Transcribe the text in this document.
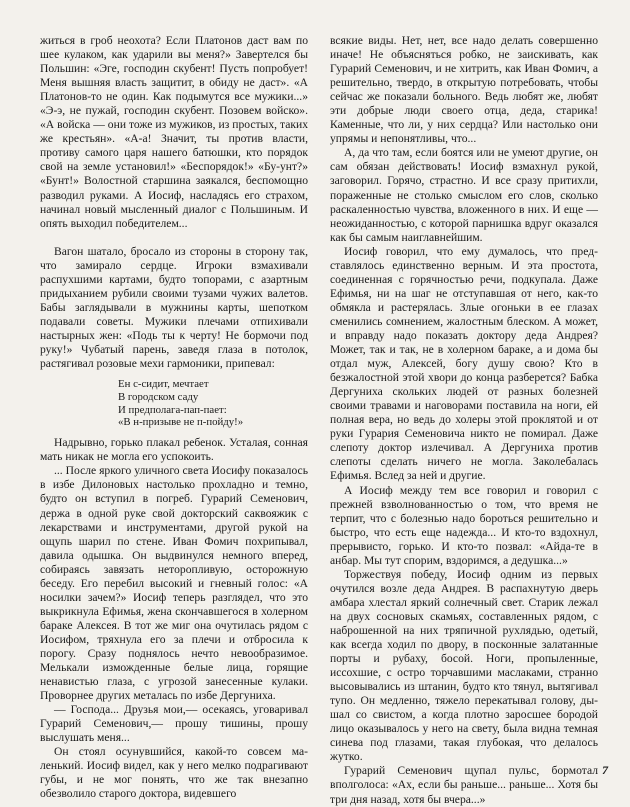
житься в гроб неохота? Если Платонов даст вам по шее кулаком, как ударили вы меня?» Завертелся бы Польшин: «Эге, господин скубент! Пусть попробует! Меня вышняя власть защитит, в обиду не даст». «А Платонов-то не один. Как подымутся все мужики...» «Э-э, не пужай, господин скубент. Позовем войско». «А войска — они тоже из мужиков, из простых, таких же крестьян». «А-а! Значит, ты против власти, противу самого царя нашего батюшки, кто порядок свой на земле установил!» «Беспорядок!» «Бу-унт?» «Бунт!» Волостной старшина заякался, беспомощно разводил руками. А Иосиф, насладясь его страхом, начинал новый мысленный диалог с Польшиным. И опять выходил победителем...

Вагон шатало, бросало из стороны в сторону так, что замирало сердце. Игроки взмахивали распухшими картами, будто топорами, с азартным придыханием рубили своими тузами чужих валетов. Бабы заглядывали в мужнины карты, шепотком подавали советы. Мужики плечами отпихивали настырных жен: «Подь ты к черту! Не бормочи под руку!» Чубатый парень, заведя глаза в потолок, растягивал розовые мехи гармоники, припевал:

Ен с-сидит, мечтает
В городском саду
И предполага-пап-пает:
«В н-призыве не п-пойду!»

Надрывно, горько плакал ребенок. Усталая, сонная мать никак не могла его успокоить.

... После яркого уличного света Иосифу показалось в избе Дилоновых настолько прохладно и темно, будто он вступил в погреб. Гурарий Семенович, держа в одной руке свой докторский саквояжик с лекарствами и инструментами, другой рукой на ощупь шарил по стене. Иван Фомич похрипывал, давила одышка. Он выдвинулся немного вперед, собираясь завязать неторопливую, осторожную беседу. Его перебил высокий и гневный голос: «А носилки зачем?» Иосиф теперь разглядел, что это выкрикнула Ефимья, жена скончавшегося в холерном бараке Алексея. В тот же миг она очутилась рядом с Иосифом, тряхнула его за плечи и отбросила к порогу. Сразу поднялось нечто невообразимое. Мелькали изможденные белые лица, горящие ненавистью глаза, с угрозой занесенные кулаки. Проворнее других металась по избе Дергуниха.

— Господа... Друзья мои,— осекаясь, уговаривал Гурарий Семенович,— прошу тишины, прошу выслушать меня...

Он стоял осунувшийся, какой-то совсем маленький. Иосиф видел, как у него мелко подрагивают губы, и не мог понять, что же так внезапно обезволило старого доктора, видевшего

всякие виды. Нет, нет, все надо делать совершенно иначе! Не объясняться робко, не заискивать, как Гурарий Семенович, и не хитрить, как Иван Фомич, а решительно, твердо, в открытую потребовать, чтобы сейчас же показали больного. Ведь любят же, любят эти добрые люди своего отца, деда, старика! Каменные, что ли, у них сердца? Или настолько они упрямы и непонятливы, что...

А, да что там, если боятся или не умеют другие, он сам обязан действовать! Иосиф взмахнул рукой, заговорил. Горячо, страстно. И все сразу притихли, пораженные не столько смыслом его слов, сколько раскаленностью чувства, вложенного в них. И еще — неожиданностью, с которой парнишка вдруг оказался как бы самым наиглавнейшим.

Иосиф говорил, что ему думалось, что представлялось единственно верным. И эта простота, соединенная с горячностью речи, подкупала. Даже Ефимья, ни на шаг не отступавшая от него, как-то обмякла и растерялась. Злые огоньки в ее глазах сменились сомнением, жалостным блеском. А может, и вправду надо показать доктору деда Андрея? Может, так и так, не в холерном бараке, а и дома бы отдал муж, Алексей, богу душу свою? Кто в безжалостной этой хвори до конца разберется? Бабка Дергуниха скольких людей от разных болезней своими травами и наговорами поставила на ноги, ей полная вера, но ведь до холеры этой проклятой и от руки Гурария Семеновича никто не помирал. Даже слепоту доктор излечивал. А Дергуниха против слепоты сделать ничего не могла. Заколебалась Ефимья. Вслед за ней и другие.

А Иосиф между тем все говорил и говорил с прежней взволнованностью о том, что время не терпит, что с болезнью надо бороться решительно и быстро, что есть еще надежда... И кто-то вздохнул, прерывисто, горько. И кто-то позвал: «Айда-те в анбар. Мы тут спорим, вздоримся, а дедушка...»

Торжествуя победу, Иосиф одним из первых очутился возле деда Андрея. В распахнутую дверь амбара хлестал яркий солнечный свет. Старик лежал на двух сосновых скамьях, составленных рядом, с наброшенной на них тряпичной рухлядью, одетый, как всегда ходил по двору, в посконные залатанные порты и рубаху, босой. Ноги, пропыленные, иссохшие, с остро торчавшими маслаками, странно высовывались из штанин, будто кто тянул, вытягивал тупо. Он медленно, тяжело перекатывал голову, дышал со свистом, а когда плотно заросшее бородой лицо оказывалось у него на свету, была видна темная синева под глазами, такая глубокая, что делалось жутко.

Гурарий Семенович щупал пульс, бормотал вполголоса: «Ах, если бы раньше... раньше... Хотя бы три дня назад, хотя бы вчера...»

7
